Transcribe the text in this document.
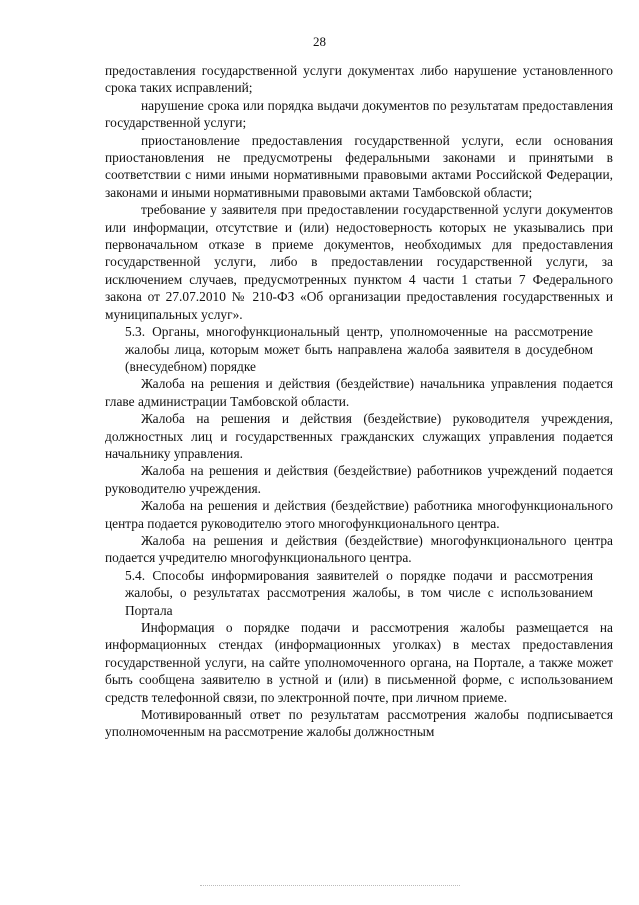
28

предоставления государственной услуги документах либо нарушение установленного срока таких исправлений;

нарушение срока или порядка выдачи документов по результатам предоставления государственной услуги;

приостановление предоставления государственной услуги, если основания приостановления не предусмотрены федеральными законами и принятыми в соответствии с ними иными нормативными правовыми актами Российской Федерации, законами и иными нормативными правовыми актами Тамбовской области;

требование у заявителя при предоставлении государственной услуги документов или информации, отсутствие и (или) недостоверность которых не указывались при первоначальном отказе в приеме документов, необходимых для предоставления государственной услуги, либо в предоставлении государственной услуги, за исключением случаев, предусмотренных пунктом 4 части 1 статьи 7 Федерального закона от 27.07.2010 № 210-ФЗ «Об организации предоставления государственных и муниципальных услуг».

5.3. Органы, многофункциональный центр, уполномоченные на рассмотрение жалобы лица, которым может быть направлена жалоба заявителя в досудебном (внесудебном) порядке

Жалоба на решения и действия (бездействие) начальника управления подается главе администрации Тамбовской области.

Жалоба на решения и действия (бездействие) руководителя учреждения, должностных лиц и государственных гражданских служащих управления подается начальнику управления.

Жалоба на решения и действия (бездействие) работников учреждений подается руководителю учреждения.

Жалоба на решения и действия (бездействие) работника многофункционального центра подается руководителю этого многофункционального центра.

Жалоба на решения и действия (бездействие) многофункционального центра подается учредителю многофункционального центра.

5.4. Способы информирования заявителей о порядке подачи и рассмотрения жалобы, о результатах рассмотрения жалобы, в том числе с использованием Портала

Информация о порядке подачи и рассмотрения жалобы размещается на информационных стендах (информационных уголках) в местах предоставления государственной услуги, на сайте уполномоченного органа, на Портале, а также может быть сообщена заявителю в устной и (или) в письменной форме, с использованием средств телефонной связи, по электронной почте, при личном приеме.

Мотивированный ответ по результатам рассмотрения жалобы подписывается уполномоченным на рассмотрение жалобы должностным
